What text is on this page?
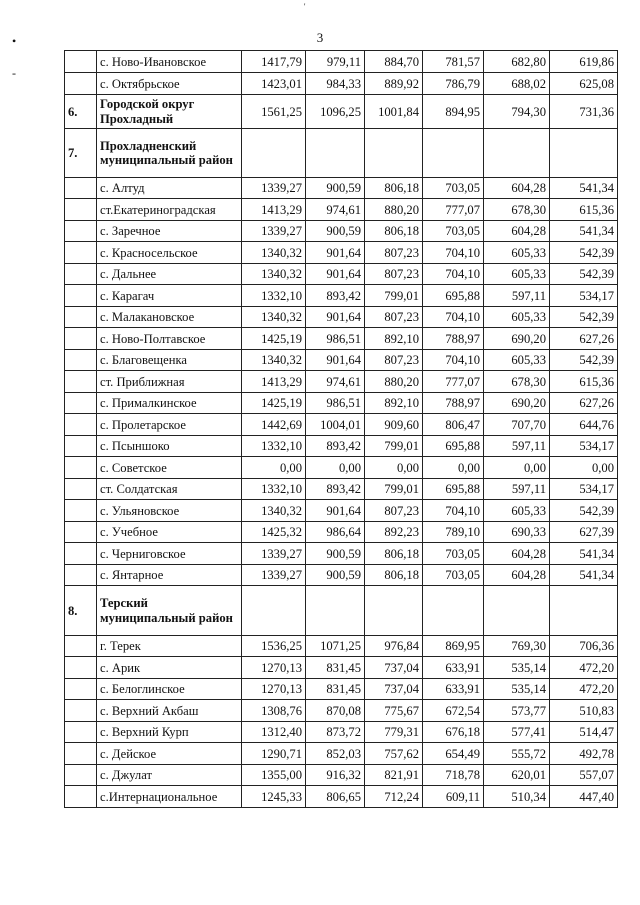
3
•
-
'
	с. Ново-Ивановское	1417,79	979,11	884,70	781,57	682,80	619,86
	с. Октябрьское	1423,01	984,33	889,92	786,79	688,02	625,08
6.	Городской округ Прохладный	1561,25	1096,25	1001,84	894,95	794,30	731,36
7.	Прохладненский муниципальный район						
	с. Алтуд	1339,27	900,59	806,18	703,05	604,28	541,34
	ст.Екатериноградская	1413,29	974,61	880,20	777,07	678,30	615,36
	с. Заречное	1339,27	900,59	806,18	703,05	604,28	541,34
	с. Красносельское	1340,32	901,64	807,23	704,10	605,33	542,39
	с. Дальнее	1340,32	901,64	807,23	704,10	605,33	542,39
	с. Карагач	1332,10	893,42	799,01	695,88	597,11	534,17
	с. Малакановское	1340,32	901,64	807,23	704,10	605,33	542,39
	с. Ново-Полтавское	1425,19	986,51	892,10	788,97	690,20	627,26
	с. Благовещенка	1340,32	901,64	807,23	704,10	605,33	542,39
	ст. Приближная	1413,29	974,61	880,20	777,07	678,30	615,36
	с. Прималкинское	1425,19	986,51	892,10	788,97	690,20	627,26
	с. Пролетарское	1442,69	1004,01	909,60	806,47	707,70	644,76
	с. Псыншоко	1332,10	893,42	799,01	695,88	597,11	534,17
	с. Советское	0,00	0,00	0,00	0,00	0,00	0,00
	ст. Солдатская	1332,10	893,42	799,01	695,88	597,11	534,17
	с. Ульяновское	1340,32	901,64	807,23	704,10	605,33	542,39
	с. Учебное	1425,32	986,64	892,23	789,10	690,33	627,39
	с. Черниговское	1339,27	900,59	806,18	703,05	604,28	541,34
	с. Янтарное	1339,27	900,59	806,18	703,05	604,28	541,34
8.	Терский муниципальный район						
	г. Терек	1536,25	1071,25	976,84	869,95	769,30	706,36
	с. Арик	1270,13	831,45	737,04	633,91	535,14	472,20
	с. Белоглинское	1270,13	831,45	737,04	633,91	535,14	472,20
	с. Верхний Акбаш	1308,76	870,08	775,67	672,54	573,77	510,83
	с. Верхний Курп	1312,40	873,72	779,31	676,18	577,41	514,47
	с. Дейское	1290,71	852,03	757,62	654,49	555,72	492,78
	с. Джулат	1355,00	916,32	821,91	718,78	620,01	557,07
	с.Интернациональное	1245,33	806,65	712,24	609,11	510,34	447,40
